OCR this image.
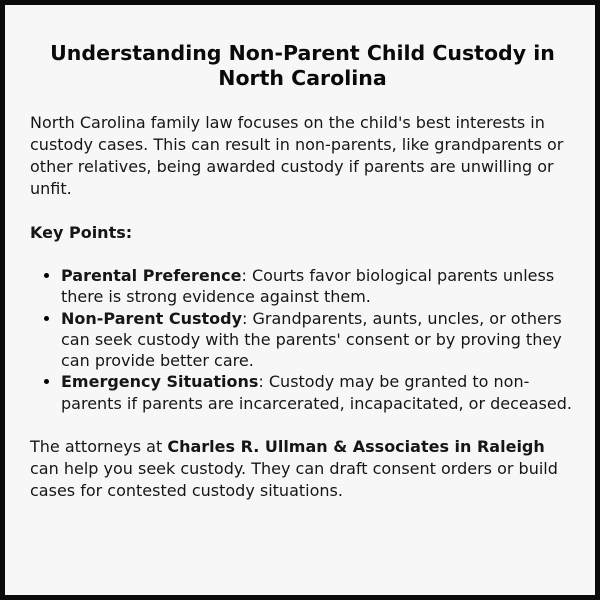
Understanding Non-Parent Child Custody in
North Carolina

North Carolina family law focuses on the child's best interests in custody cases. This can result in non-parents, like grandparents or other relatives, being awarded custody if parents are unwilling or unfit.

Key Points:

• Parental Preference: Courts favor biological parents unless there is strong evidence against them.
• Non-Parent Custody: Grandparents, aunts, uncles, or others can seek custody with the parents' consent or by proving they can provide better care.
• Emergency Situations: Custody may be granted to non-parents if parents are incarcerated, incapacitated, or deceased.

The attorneys at Charles R. Ullman & Associates in Raleigh can help you seek custody. They can draft consent orders or build cases for contested custody situations.
